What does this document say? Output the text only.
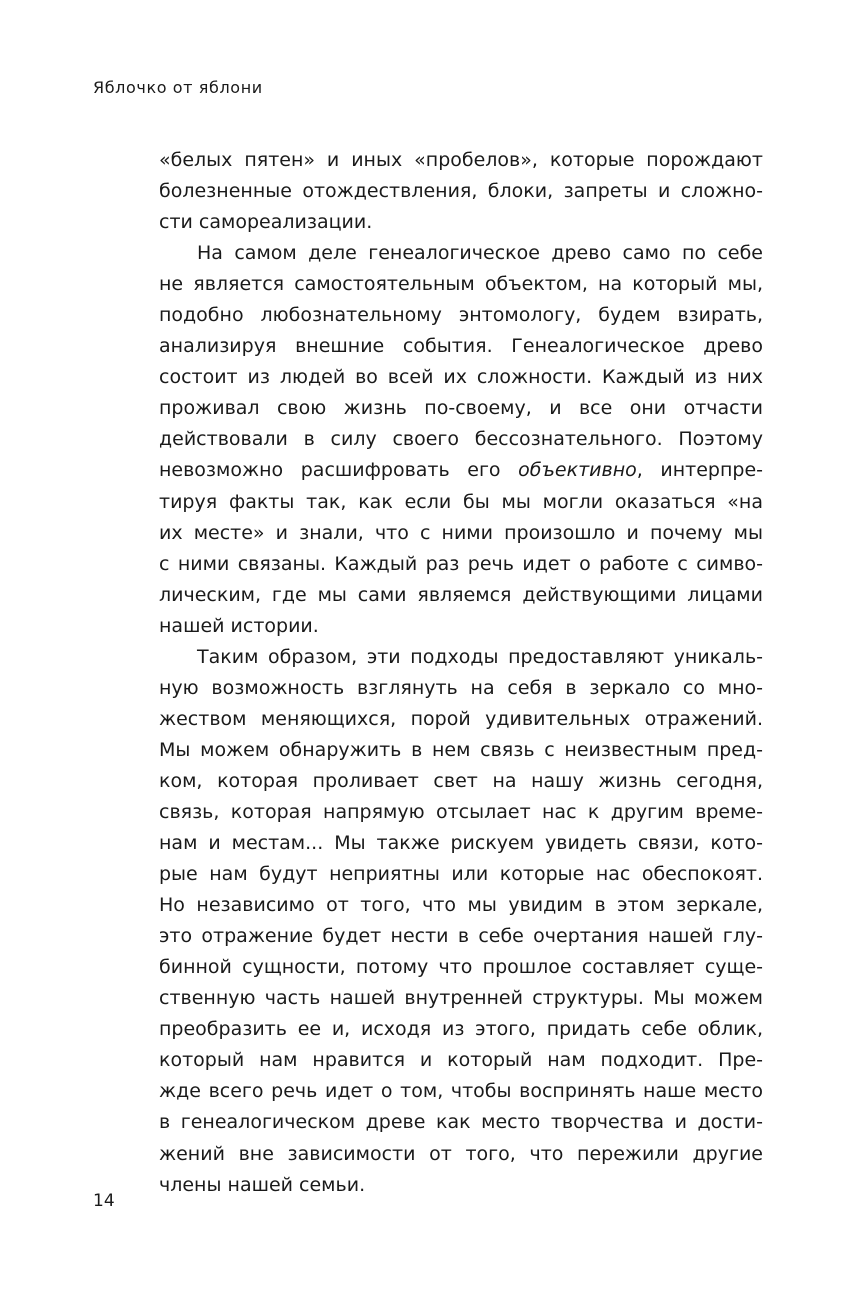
Яблочко от яблони
«белых пятен» и иных «пробелов», которые порождают
болезненные отождествления, блоки, запреты и сложно-
сти самореализации.
На самом деле генеалогическое древо само по себе
не является самостоятельным объектом, на который мы,
подобно любознательному энтомологу, будем взирать,
анализируя внешние события. Генеалогическое древо
состоит из людей во всей их сложности. Каждый из них
проживал свою жизнь по-своему, и все они отчасти
действовали в силу своего бессознательного. Поэтому
невозможно расшифровать его объективно, интерпре-
тируя факты так, как если бы мы могли оказаться «на
их месте» и знали, что с ними произошло и почему мы
с ними связаны. Каждый раз речь идет о работе с симво-
лическим, где мы сами являемся действующими лицами
нашей истории.
Таким образом, эти подходы предоставляют уникаль-
ную возможность взглянуть на себя в зеркало со мно-
жеством меняющихся, порой удивительных отражений.
Мы можем обнаружить в нем связь с неизвестным пред-
ком, которая проливает свет на нашу жизнь сегодня,
связь, которая напрямую отсылает нас к другим време-
нам и местам... Мы также рискуем увидеть связи, кото-
рые нам будут неприятны или которые нас обеспокоят.
Но независимо от того, что мы увидим в этом зеркале,
это отражение будет нести в себе очертания нашей глу-
бинной сущности, потому что прошлое составляет суще-
ственную часть нашей внутренней структуры. Мы можем
преобразить ее и, исходя из этого, придать себе облик,
который нам нравится и который нам подходит. Пре-
жде всего речь идет о том, чтобы воспринять наше место
в генеалогическом древе как место творчества и дости-
жений вне зависимости от того, что пережили другие
члены нашей семьи.
14
